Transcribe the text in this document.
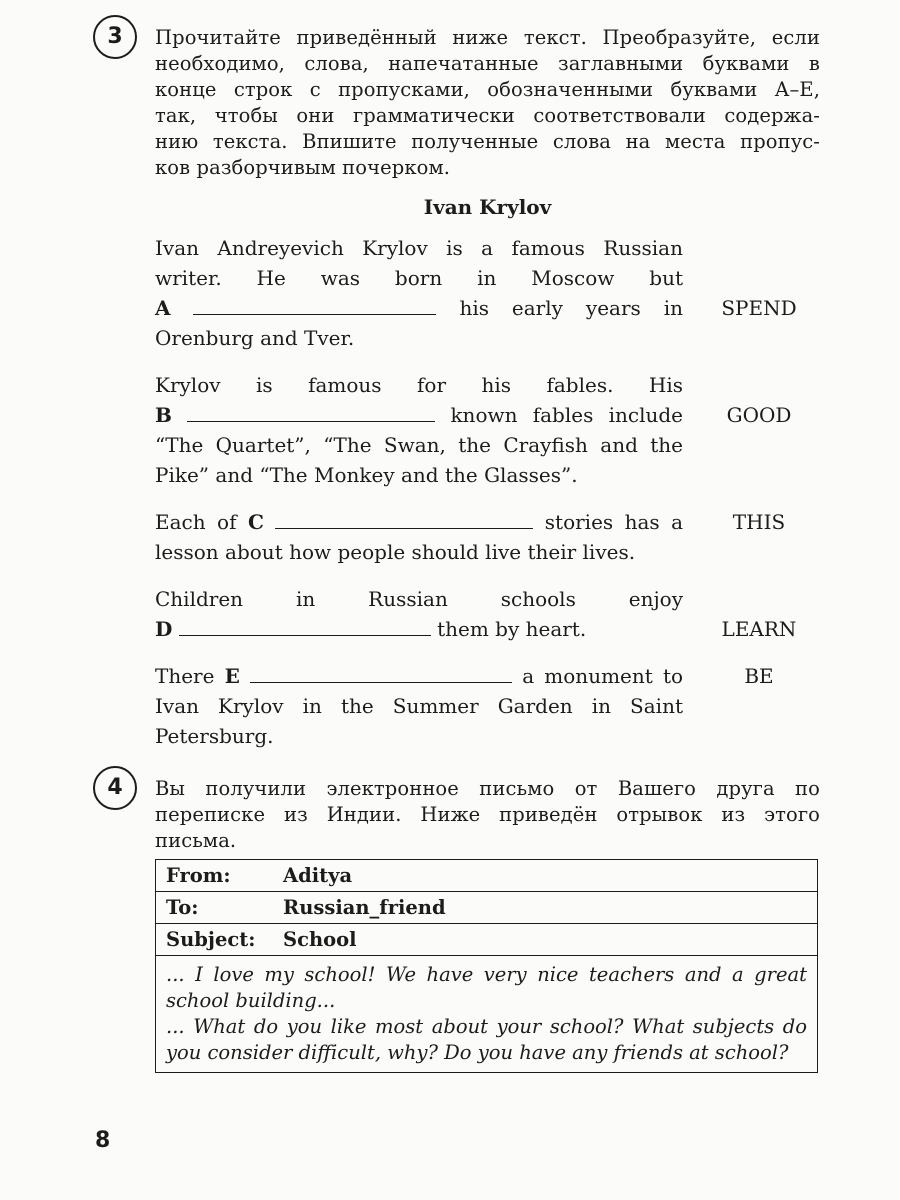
3	Прочитайте приведённый ниже текст. Преобразуйте, если
необходимо, слова, напечатанные заглавными буквами в
конце строк с пропусками, обозначенными буквами А–Е,
так, чтобы они грамматически соответствовали содержа-
нию текста. Впишите полученные слова на места пропус-
ков разборчивым почерком.
Ivan Krylov
Ivan Andreyevich Krylov is a famous Russian
writer. He was born in Moscow but
A	his early years in
Orenburg and Tver.
SPEND
Krylov is famous for his fables. His
B	known fables include
“The Quartet”, “The Swan, the Crayfish and the
Pike” and “The Monkey and the Glasses”.
GOOD
Each of C	stories has a
lesson about how people should live their lives.
THIS
Children in Russian schools enjoy
D	them by heart.	LEARN
There E	a monument to
Ivan Krylov in the Summer Garden in Saint
Petersburg.
BE
4	Вы получили электронное письмо от Вашего друга по
переписке из Индии. Ниже приведён отрывок из этого
письма.
From:	Aditya
To:	Russian_friend
Subject:	School

... I love my school! We have very nice teachers and a great school building...
... What do you like most about your school? What subjects do you consider difficult, why? Do you have any friends at school?	
8
